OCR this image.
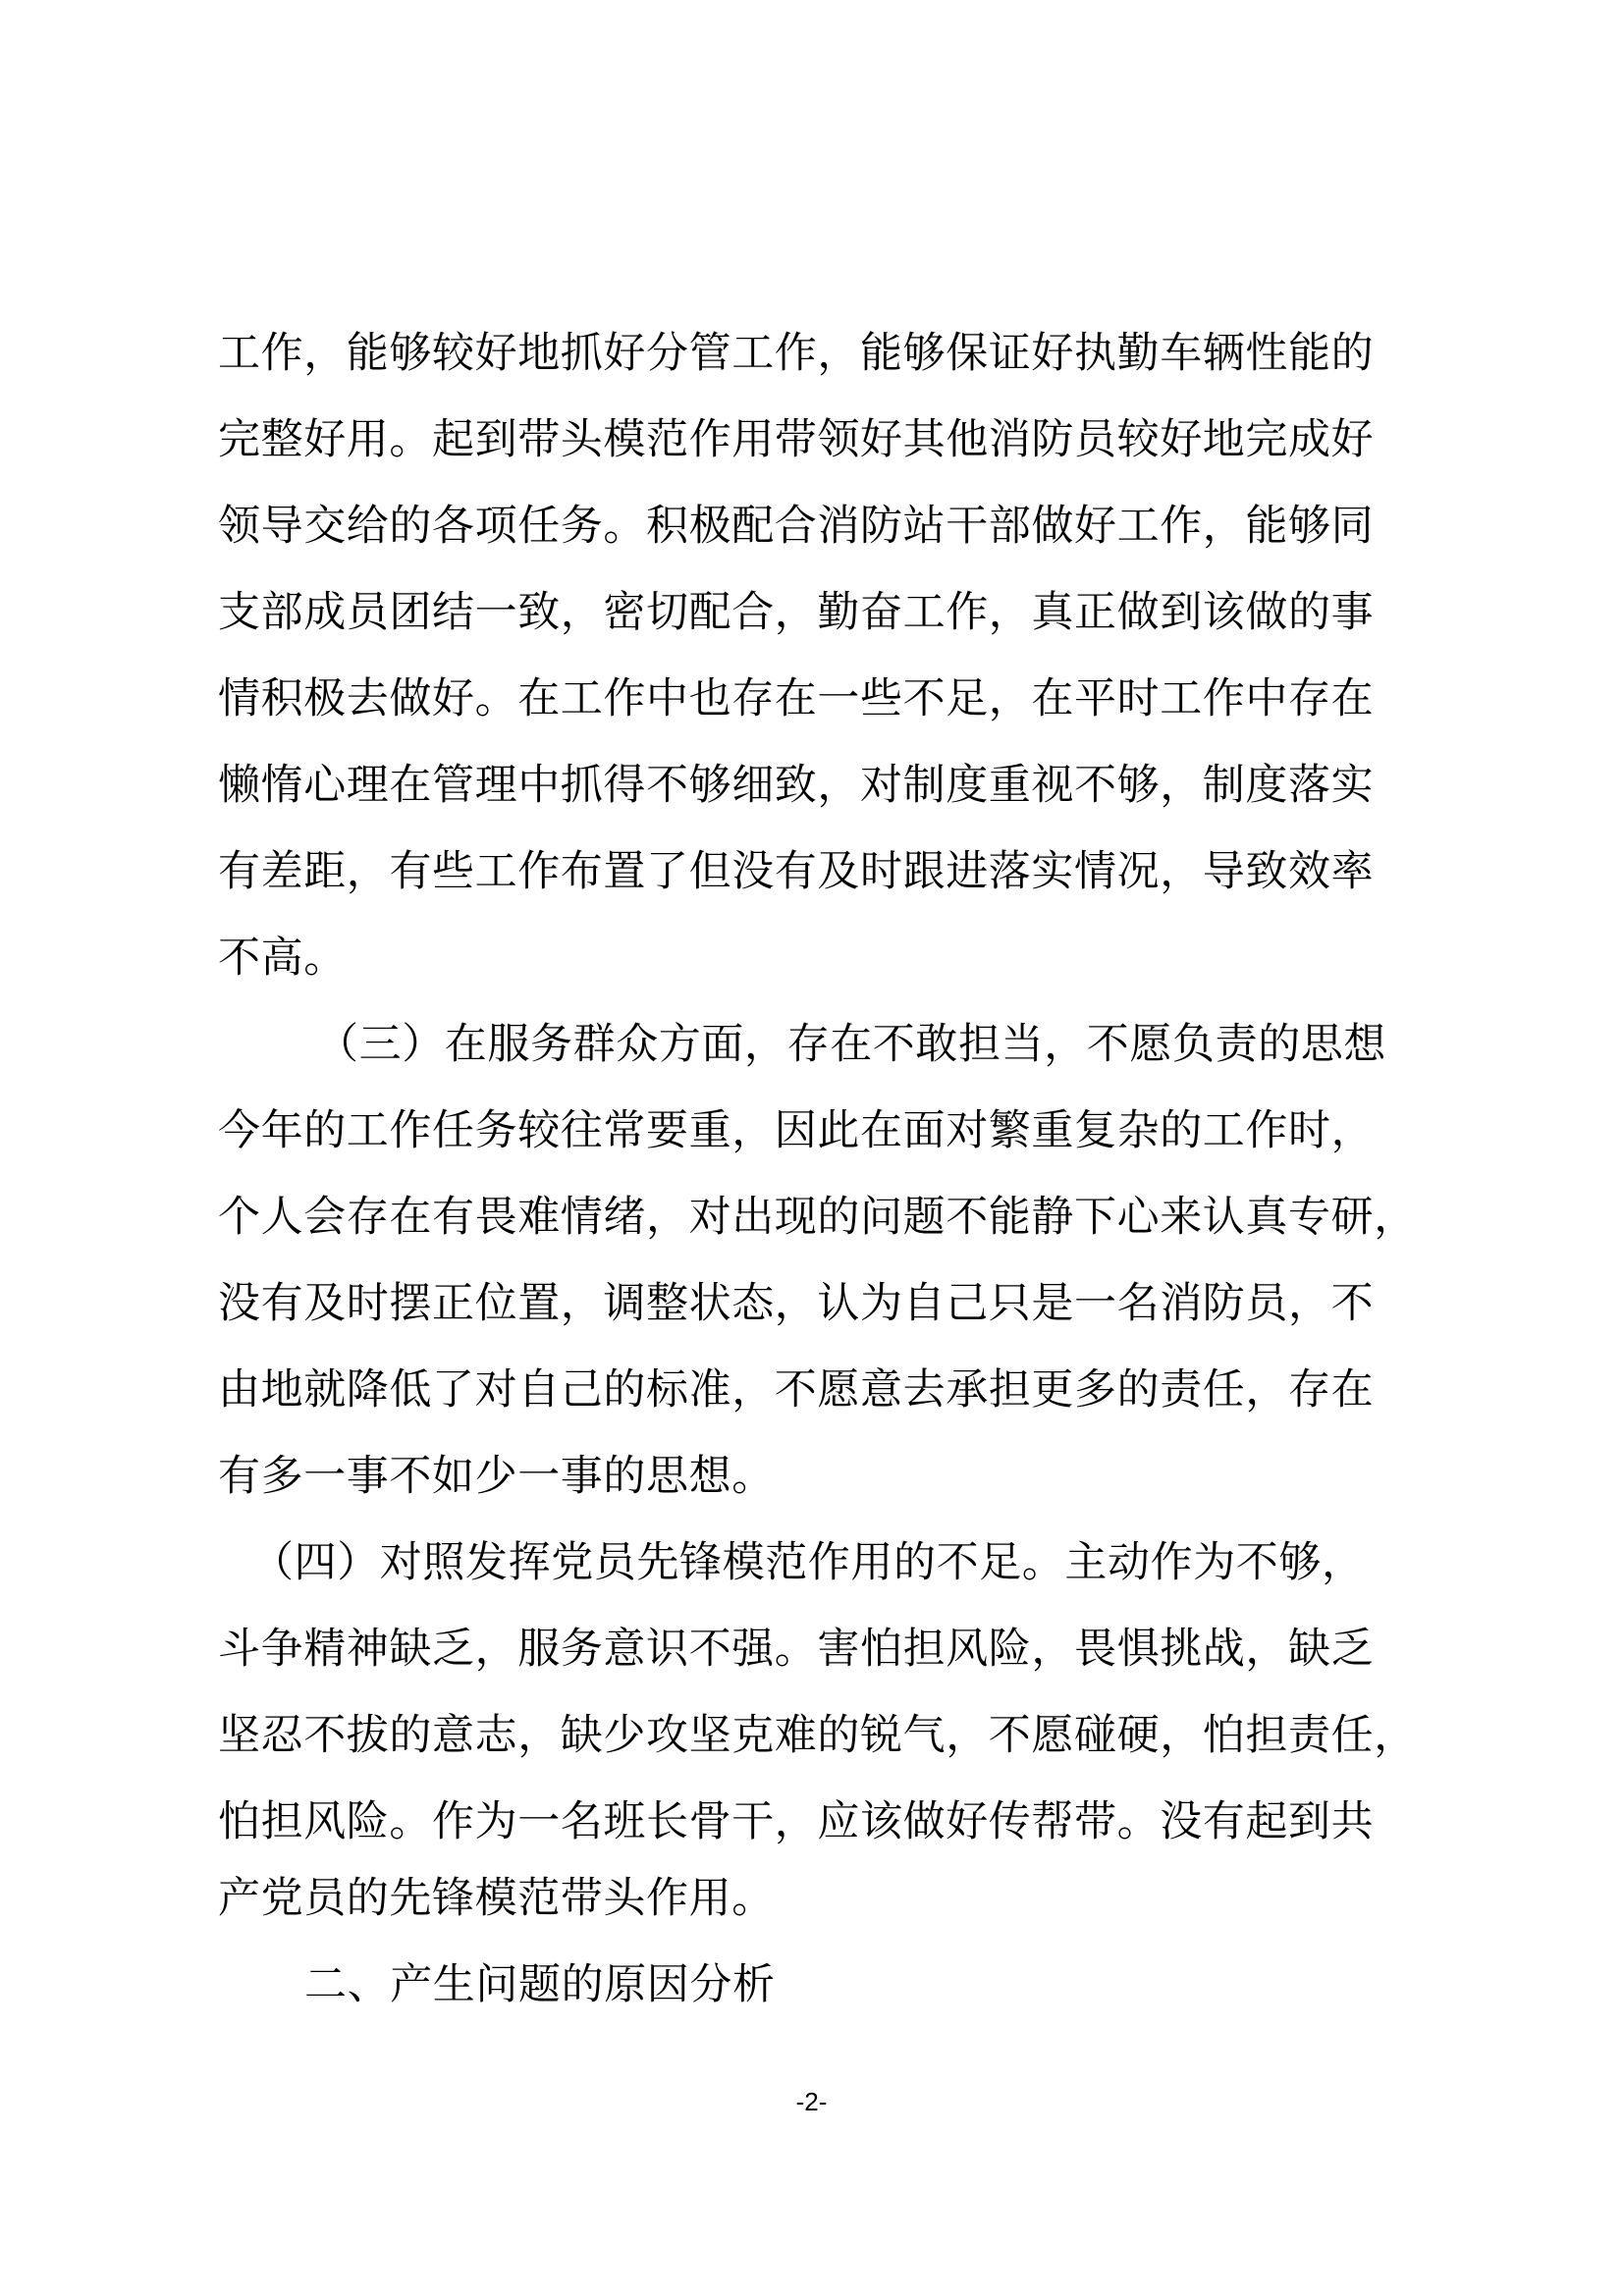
工作，能够较好地抓好分管工作，能够保证好执勤车辆性能的
完整好用。起到带头模范作用带领好其他消防员较好地完成好
领导交给的各项任务。积极配合消防站干部做好工作，能够同
支部成员团结一致，密切配合，勤奋工作，真正做到该做的事
情积极去做好。在工作中也存在一些不足，在平时工作中存在
懒惰心理在管理中抓得不够细致，对制度重视不够，制度落实
有差距，有些工作布置了但没有及时跟进落实情况，导致效率
不高。
（三）在服务群众方面，存在不敢担当，不愿负责的思想
今年的工作任务较往常要重，因此在面对繁重复杂的工作时，
个人会存在有畏难情绪，对出现的问题不能静下心来认真专研，
没有及时摆正位置，调整状态，认为自己只是一名消防员，不
由地就降低了对自己的标准，不愿意去承担更多的责任，存在
有多一事不如少一事的思想。
（四）对照发挥党员先锋模范作用的不足。主动作为不够，
斗争精神缺乏，服务意识不强。害怕担风险，畏惧挑战，缺乏
坚忍不拔的意志，缺少攻坚克难的锐气，不愿碰硬，怕担责任，
怕担风险。作为一名班长骨干，应该做好传帮带。没有起到共
产党员的先锋模范带头作用。
二、产生问题的原因分析
-2-
